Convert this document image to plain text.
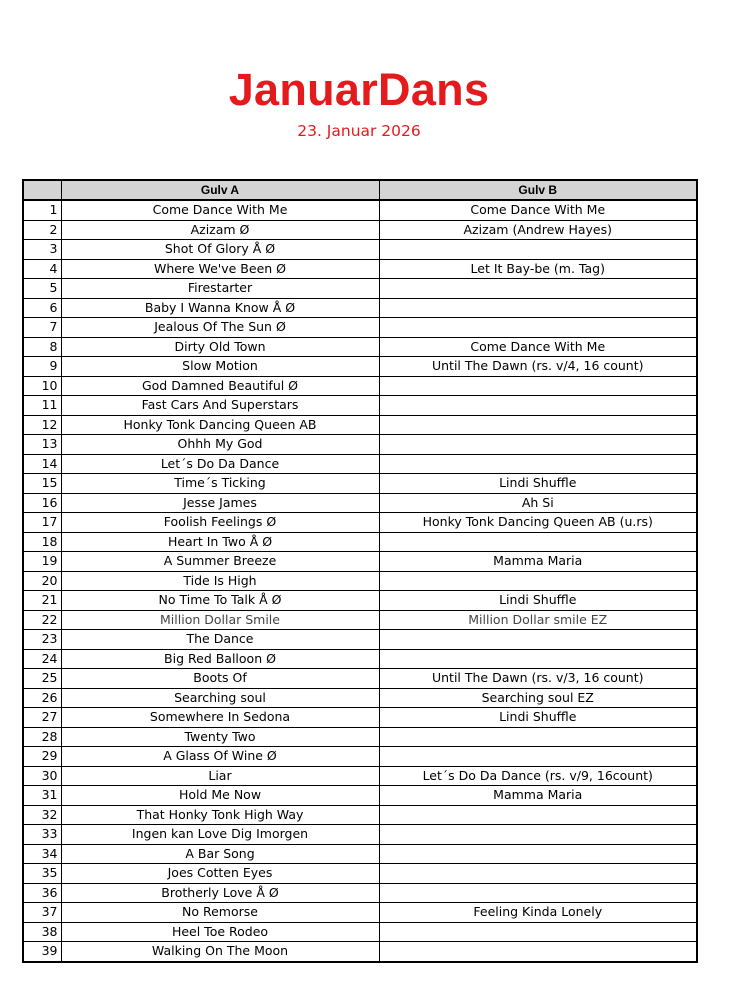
JanuarDans
23. Januar 2026
	Gulv A	Gulv B
1	Come Dance With Me	Come Dance With Me
2	Azizam Ø	Azizam (Andrew Hayes)
3	Shot Of Glory Å Ø	
4	Where We've Been Ø	Let It Bay-be (m. Tag)
5	Firestarter	
6	Baby I Wanna Know Å Ø	
7	Jealous Of The Sun Ø	
8	Dirty Old Town	Come Dance With Me
9	Slow Motion	Until The Dawn (rs. v/4, 16 count)
10	God Damned Beautiful Ø	
11	Fast Cars And Superstars	
12	Honky Tonk Dancing Queen AB	
13	Ohhh My God	
14	Let´s Do Da Dance	
15	Time´s Ticking	Lindi Shuffle
16	Jesse James	Ah Si
17	Foolish Feelings Ø	Honky Tonk Dancing Queen AB (u.rs)
18	Heart In Two Å Ø	
19	A Summer Breeze	Mamma Maria
20	Tide Is High	
21	No Time To Talk Å Ø	Lindi Shuffle
22	Million Dollar Smile	Million Dollar smile EZ
23	The Dance	
24	Big Red Balloon Ø	
25	Boots Of	Until The Dawn (rs. v/3, 16 count)
26	Searching soul	Searching soul EZ
27	Somewhere In Sedona	Lindi Shuffle
28	Twenty Two	
29	A Glass Of Wine Ø	
30	Liar	Let´s Do Da Dance (rs. v/9, 16count)
31	Hold Me Now	Mamma Maria
32	That Honky Tonk High Way	
33	Ingen kan Love Dig Imorgen	
34	A Bar Song	
35	Joes Cotten Eyes	
36	Brotherly Love Å Ø	
37	No Remorse	Feeling Kinda Lonely
38	Heel Toe Rodeo	
39	Walking On The Moon	
